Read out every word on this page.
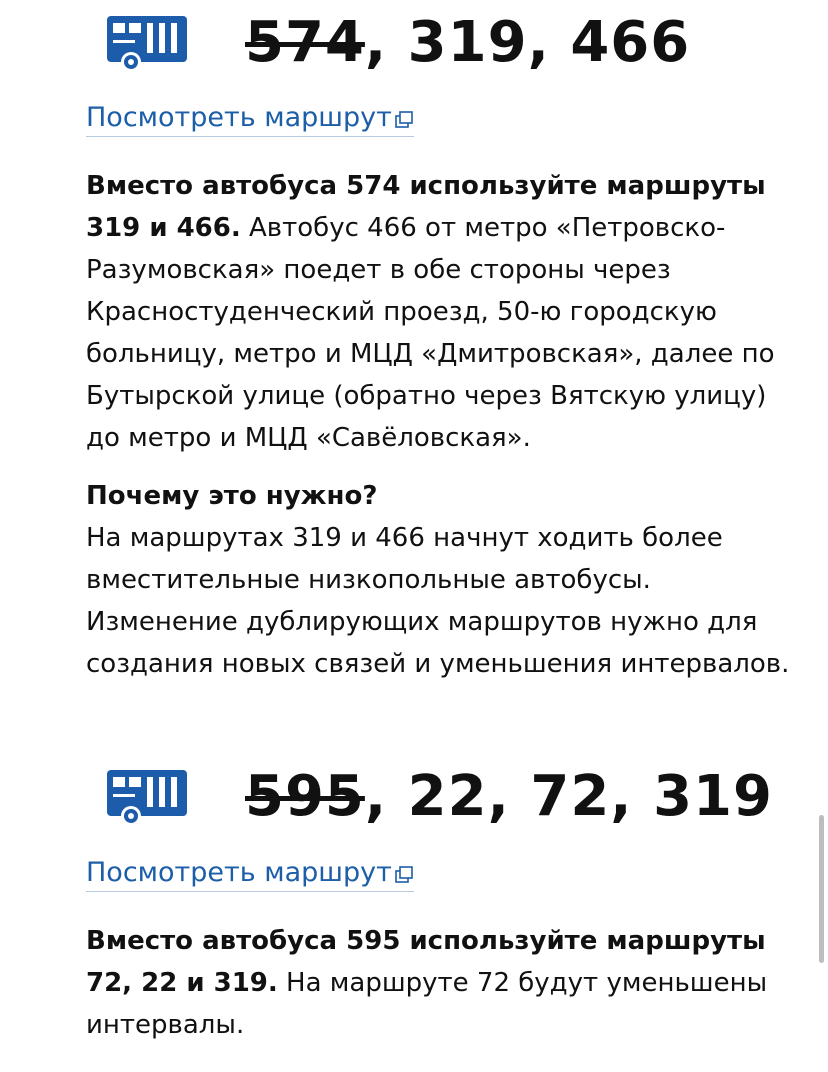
574, 319, 466
Посмотреть маршрут

Вместо автобуса 574 используйте маршруты 319 и 466. Автобус 466 от метро «Петровско-Разумовская» поедет в обе стороны через Красностуденческий проезд, 50-ю городскую больницу, метро и МЦД «Дмитровская», далее по Бутырской улице (обратно через Вятскую улицу) до метро и МЦД «Савёловская».

Почему это нужно?
На маршрутах 319 и 466 начнут ходить более вместительные низкопольные автобусы. Изменение дублирующих маршрутов нужно для создания новых связей и уменьшения интервалов.

595, 22, 72, 319
Посмотреть маршрут

Вместо автобуса 595 используйте маршруты 72, 22 и 319. На маршруте 72 будут уменьшены интервалы.
